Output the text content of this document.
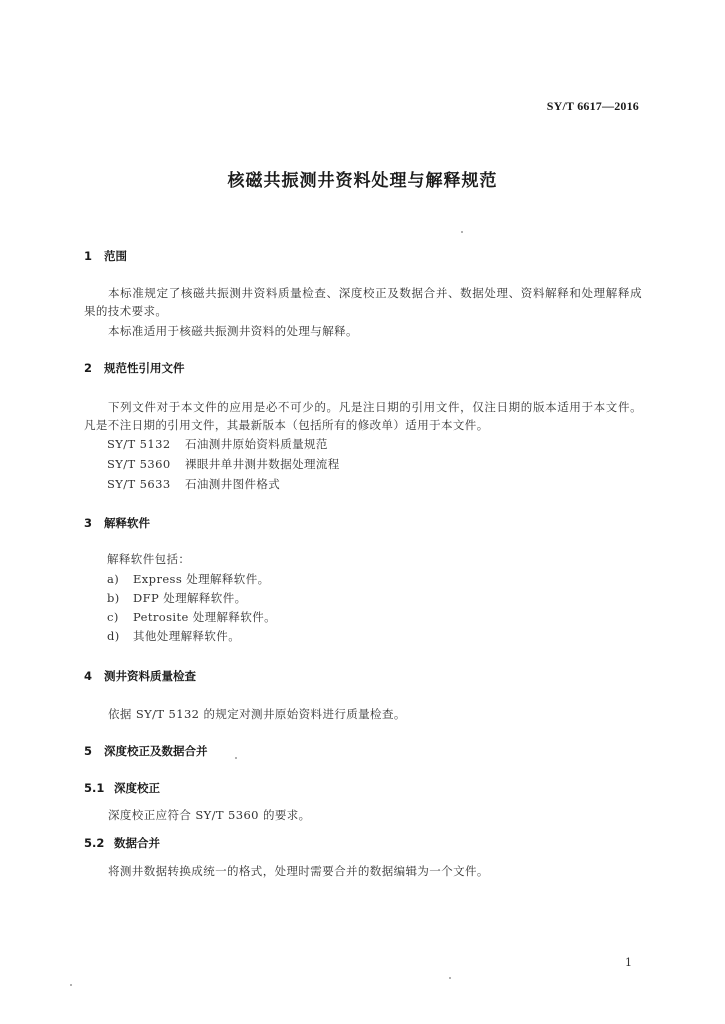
SY/T 6617—2016
核磁共振测井资料处理与解释规范
1 范围
本标准规定了核磁共振测井资料质量检查、深度校正及数据合并、数据处理、资料解释和处理解释成果的技术要求。
本标准适用于核磁共振测井资料的处理与解释。
2 规范性引用文件
下列文件对于本文件的应用是必不可少的。凡是注日期的引用文件，仅注日期的版本适用于本文件。凡是不注日期的引用文件，其最新版本（包括所有的修改单）适用于本文件。
SY/T 5132 石油测井原始资料质量规范
SY/T 5360 裸眼井单井测井数据处理流程
SY/T 5633 石油测井图件格式
3 解释软件
解释软件包括：
a) Express 处理解释软件。
b) DFP 处理解释软件。
c) Petrosite 处理解释软件。
d) 其他处理解释软件。
4 测井资料质量检查
依据 SY/T 5132 的规定对测井原始资料进行质量检查。
5 深度校正及数据合并
5.1 深度校正
深度校正应符合 SY/T 5360 的要求。
5.2 数据合并
将测井数据转换成统一的格式，处理时需要合并的数据编辑为一个文件。
1
